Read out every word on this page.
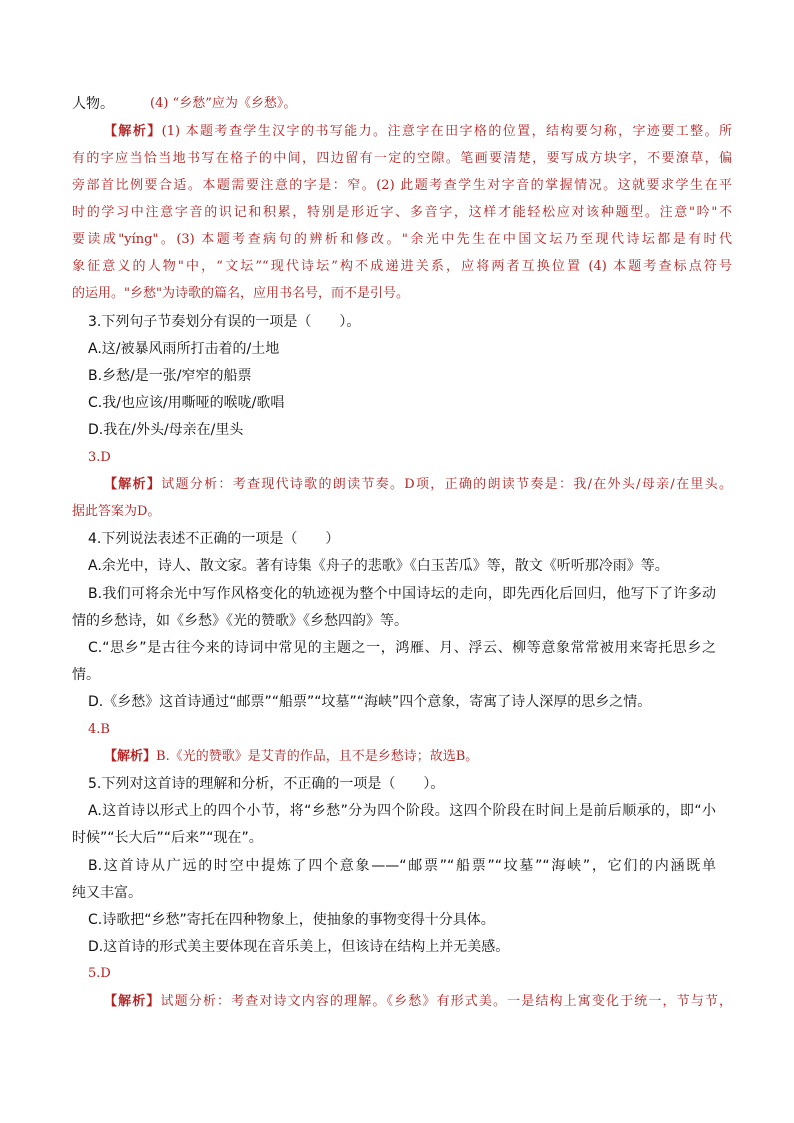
人物。	(4) “乡愁”应为《乡愁》。
【解析】(1) 本题考查学生汉字的书写能力。注意字在田字格的位置，结构要匀称，字迹要工整。所
有的字应当恰当地书写在格子的中间，四边留有一定的空隙。笔画要清楚，要写成方块字，不要潦草，偏
旁部首比例要合适。本题需要注意的字是：窄。(2) 此题考查学生对字音的掌握情况。这就要求学生在平
时的学习中注意字音的识记和积累，特别是形近字、多音字，这样才能轻松应对该种题型。注意"吟"不
要读成"yíng"。(3) 本题考查病句的辨析和修改。"余光中先生在中国文坛乃至现代诗坛都是有时代
象征意义的人物"中，“文坛”“现代诗坛”构不成递进关系，应将两者互换位置 (4) 本题考查标点符号
的运用。"乡愁"为诗歌的篇名，应用书名号，而不是引号。
3.下列句子节奏划分有误的一项是（　　）。
A.这/被暴风雨所打击着的/土地
B.乡愁/是一张/窄窄的船票
C.我/也应该/用嘶哑的喉咙/歌唱
D.我在/外头/母亲在/里头
3.D
【解析】试题分析：考查现代诗歌的朗读节奏。D项，正确的朗读节奏是：我/在外头/母亲/在里头。
据此答案为D。
4.下列说法表述不正确的一项是（　　）
A.余光中，诗人、散文家。著有诗集《舟子的悲歌》《白玉苦瓜》等，散文《听听那冷雨》等。
B.我们可将余光中写作风格变化的轨迹视为整个中国诗坛的走向，即先西化后回归，他写下了许多动
情的乡愁诗，如《乡愁》《光的赞歌》《乡愁四韵》等。
C.“思乡”是古往今来的诗词中常见的主题之一，鸿雁、月、浮云、柳等意象常常被用来寄托思乡之
情。
D.《乡愁》这首诗通过“邮票”“船票”“坟墓”“海峡”四个意象，寄寓了诗人深厚的思乡之情。
4.B
【解析】B.《光的赞歌》是艾青的作品，且不是乡愁诗；故选B。
5.下列对这首诗的理解和分析，不正确的一项是（　　）。
A.这首诗以形式上的四个小节，将“乡愁”分为四个阶段。这四个阶段在时间上是前后顺承的，即“小
时候”“长大后”“后来”“现在”。
B.这首诗从广远的时空中提炼了四个意象——“邮票”“船票”“坟墓”“海峡”，它们的内涵既单
纯又丰富。
C.诗歌把“乡愁”寄托在四种物象上，使抽象的事物变得十分具体。
D.这首诗的形式美主要体现在音乐美上，但该诗在结构上并无美感。
5.D
【解析】试题分析：考查对诗文内容的理解。《乡愁》有形式美。一是结构上寓变化于统一，节与节，
